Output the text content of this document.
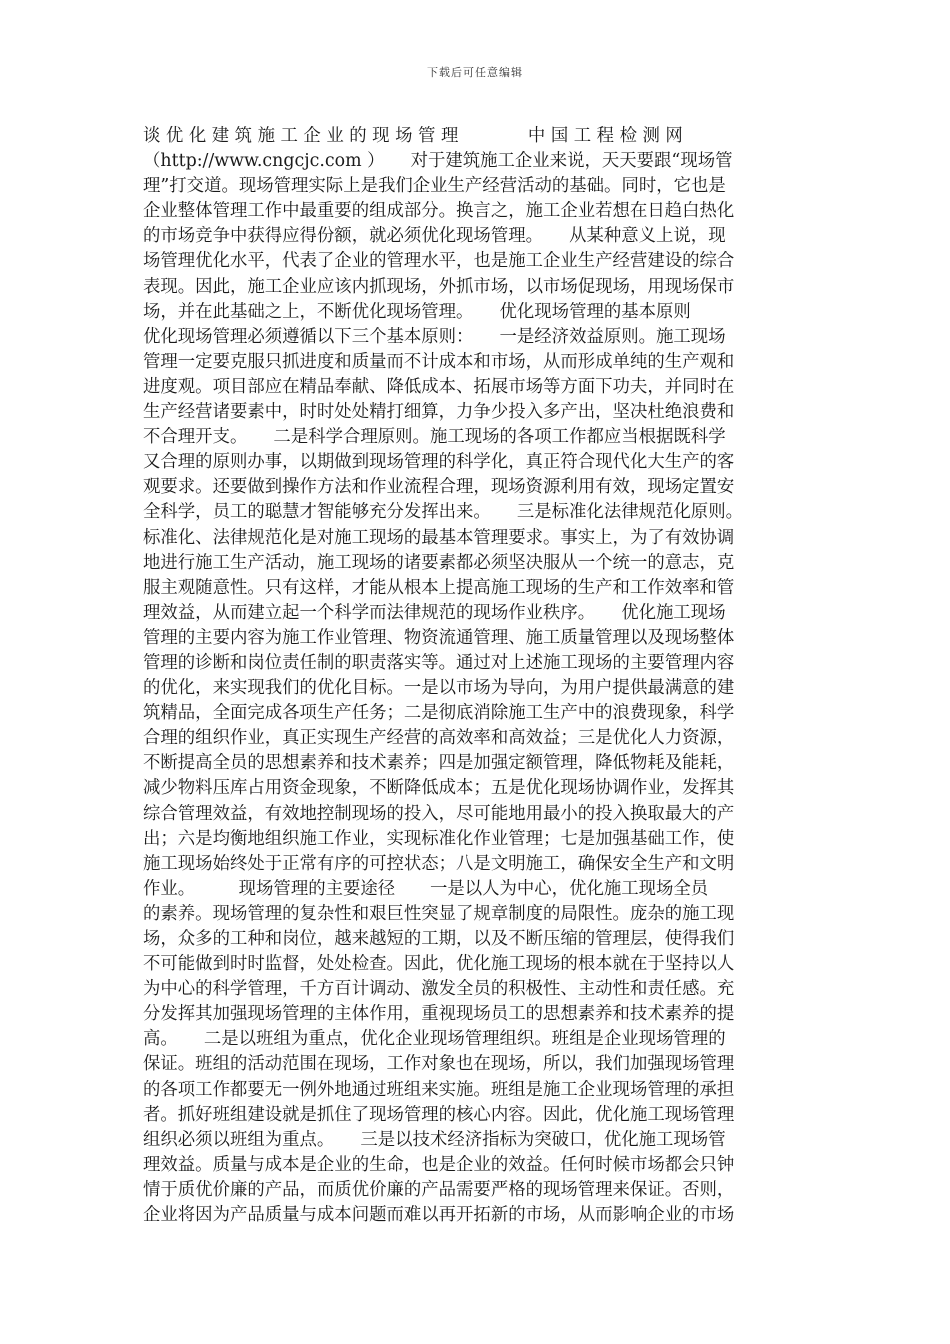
下载后可任意编辑
谈 优 化 建 筑 施 工 企 业 的 现 场 管 理　　　　中 国 工 程 检 测 网
（http://www.cngcjc.com ）　　对于建筑施工企业来说，天天要跟“现场管
理”打交道。现场管理实际上是我们企业生产经营活动的基础。同时，它也是
企业整体管理工作中最重要的组成部分。换言之，施工企业若想在日趋白热化
的市场竞争中获得应得份额，就必须优化现场管理。　　从某种意义上说，现
场管理优化水平，代表了企业的管理水平，也是施工企业生产经营建设的综合
表现。因此，施工企业应该内抓现场，外抓市场，以市场促现场，用现场保市
场，并在此基础之上，不断优化现场管理。　　优化现场管理的基本原则
优化现场管理必须遵循以下三个基本原则：　　一是经济效益原则。施工现场
管理一定要克服只抓进度和质量而不计成本和市场，从而形成单纯的生产观和
进度观。项目部应在精品奉献、降低成本、拓展市场等方面下功夫，并同时在
生产经营诸要素中，时时处处精打细算，力争少投入多产出，坚决杜绝浪费和
不合理开支。　　二是科学合理原则。施工现场的各项工作都应当根据既科学
又合理的原则办事，以期做到现场管理的科学化，真正符合现代化大生产的客
观要求。还要做到操作方法和作业流程合理，现场资源利用有效，现场定置安
全科学，员工的聪慧才智能够充分发挥出来。　　三是标准化法律规范化原则。
标准化、法律规范化是对施工现场的最基本管理要求。事实上，为了有效协调
地进行施工生产活动，施工现场的诸要素都必须坚决服从一个统一的意志，克
服主观随意性。只有这样，才能从根本上提高施工现场的生产和工作效率和管
理效益，从而建立起一个科学而法律规范的现场作业秩序。　　优化施工现场
管理的主要内容为施工作业管理、物资流通管理、施工质量管理以及现场整体
管理的诊断和岗位责任制的职责落实等。通过对上述施工现场的主要管理内容
的优化，来实现我们的优化目标。一是以市场为导向，为用户提供最满意的建
筑精品，全面完成各项生产任务；二是彻底消除施工生产中的浪费现象，科学
合理的组织作业，真正实现生产经营的高效率和高效益；三是优化人力资源，
不断提高全员的思想素养和技术素养；四是加强定额管理，降低物耗及能耗，
减少物料压库占用资金现象，不断降低成本；五是优化现场协调作业，发挥其
综合管理效益，有效地控制现场的投入，尽可能地用最小的投入换取最大的产
出；六是均衡地组织施工作业，实现标准化作业管理；七是加强基础工作，使
施工现场始终处于正常有序的可控状态；八是文明施工，确保安全生产和文明
作业。　　　现场管理的主要途径　　一是以人为中心，优化施工现场全员
的素养。现场管理的复杂性和艰巨性突显了规章制度的局限性。庞杂的施工现
场，众多的工种和岗位，越来越短的工期，以及不断压缩的管理层，使得我们
不可能做到时时监督，处处检查。因此，优化施工现场的根本就在于坚持以人
为中心的科学管理，千方百计调动、激发全员的积极性、主动性和责任感。充
分发挥其加强现场管理的主体作用，重视现场员工的思想素养和技术素养的提
高。　　二是以班组为重点，优化企业现场管理组织。班组是企业现场管理的
保证。班组的活动范围在现场，工作对象也在现场，所以，我们加强现场管理
的各项工作都要无一例外地通过班组来实施。班组是施工企业现场管理的承担
者。抓好班组建设就是抓住了现场管理的核心内容。因此，优化施工现场管理
组织必须以班组为重点。　　三是以技术经济指标为突破口，优化施工现场管
理效益。质量与成本是企业的生命，也是企业的效益。任何时候市场都会只钟
情于质优价廉的产品，而质优价廉的产品需要严格的现场管理来保证。否则，
企业将因为产品质量与成本问题而难以再开拓新的市场，从而影响企业的市场
